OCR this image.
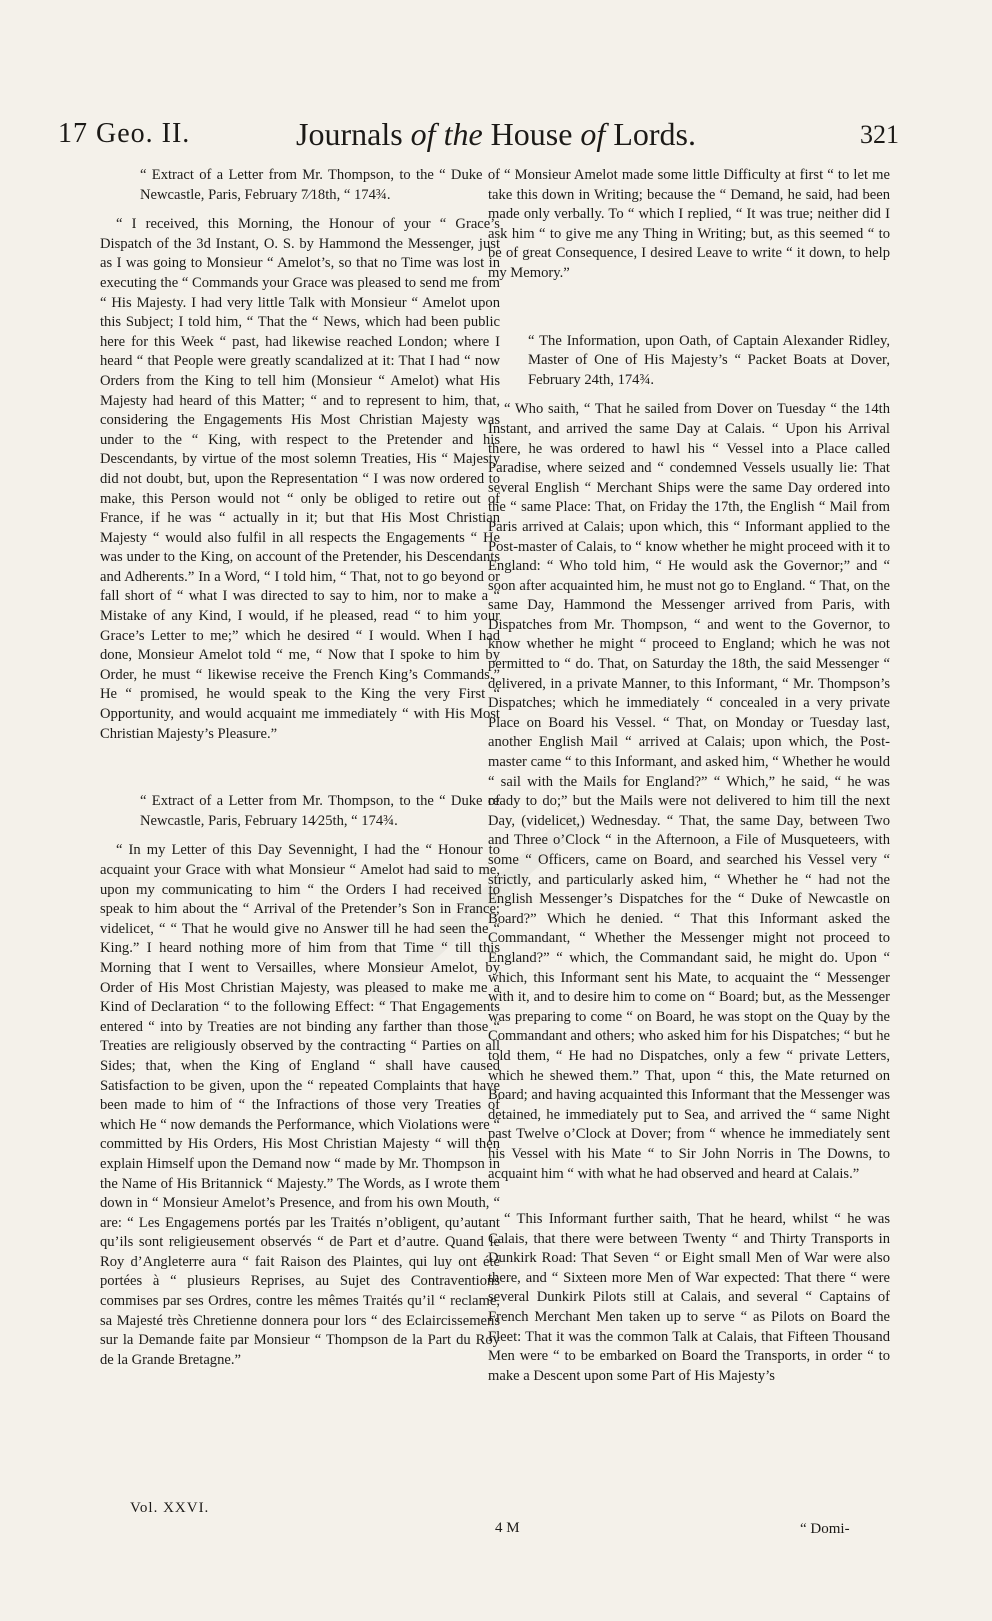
17 Geo. II.	Journals of the House of Lords.	321

“ Extract of a Letter from Mr. Thompson, to the “ Duke of Newcastle, Paris, February 7⁄18th, “ 174¾.

“ I received, this Morning, the Honour of your “ Grace’s Dispatch of the 3d Instant, O. S. by Hammond the Messenger, just as I was going to Monsieur “ Amelot’s, so that no Time was lost in executing the “ Commands your Grace was pleased to send me from “ His Majesty. I had very little Talk with Monsieur “ Amelot upon this Subject; I told him, “ That the “ News, which had been public here for this Week “ past, had likewise reached London; where I heard “ that People were greatly scandalized at it: That I had “ now Orders from the King to tell him (Monsieur “ Amelot) what His Majesty had heard of this Matter; “ and to represent to him, that, considering the Engagements His Most Christian Majesty was under to the “ King, with respect to the Pretender and his Descendants, by virtue of the most solemn Treaties, His “ Majesty did not doubt, but, upon the Representation “ I was now ordered to make, this Person would not “ only be obliged to retire out of France, if he was “ actually in it; but that His Most Christian Majesty “ would also fulfil in all respects the Engagements “ He was under to the King, on account of the Pretender, his Descendants and Adherents.” In a Word, “ I told him, “ That, not to go beyond or fall short of “ what I was directed to say to him, nor to make a “ Mistake of any Kind, I would, if he pleased, read “ to him your Grace’s Letter to me;” which he desired “ I would. When I had done, Monsieur Amelot told “ me, “ Now that I spoke to him by Order, he must “ likewise receive the French King’s Commands.” He “ promised, he would speak to the King the very First “ Opportunity, and would acquaint me immediately “ with His Most Christian Majesty’s Pleasure.”

“ Extract of a Letter from Mr. Thompson, to the “ Duke of Newcastle, Paris, February 14⁄25th, “ 174¾.

“ In my Letter of this Day Sevennight, I had the “ Honour to acquaint your Grace with what Monsieur “ Amelot had said to me, upon my communicating to him “ the Orders I had received to speak to him about the “ Arrival of the Pretender’s Son in France; videlicet, “ “ That he would give no Answer till he had seen the “ King.” I heard nothing more of him from that Time “ till this Morning that I went to Versailles, where Monsieur Amelot, by Order of His Most Christian Majesty, was pleased to make me a Kind of Declaration “ to the following Effect: “ That Engagements entered “ into by Treaties are not binding any farther than those “ Treaties are religiously observed by the contracting “ Parties on all Sides; that, when the King of England “ shall have caused Satisfaction to be given, upon the “ repeated Complaints that have been made to him of “ the Infractions of those very Treaties of which He “ now demands the Performance, which Violations were “ committed by His Orders, His Most Christian Majesty “ will then explain Himself upon the Demand now “ made by Mr. Thompson in the Name of His Britannick “ Majesty.” The Words, as I wrote them down in “ Monsieur Amelot’s Presence, and from his own Mouth, “ are: “ Les Engagemens portés par les Traités n’obligent, qu’autant qu’ils sont religieusement observés “ de Part et d’autre. Quand le Roy d’Angleterre aura “ fait Raison des Plaintes, qui luy ont été portées à “ plusieurs Reprises, au Sujet des Contraventions commises par ses Ordres, contre les mêmes Traités qu’il “ reclame, sa Majesté très Chretienne donnera pour lors “ des Eclaircissemens sur la Demande faite par Monsieur “ Thompson de la Part du Roy de la Grande Bretagne.”

“ Monsieur Amelot made some little Difficulty at first “ to let me take this down in Writing; because the “ Demand, he said, had been made only verbally. To “ which I replied, “ It was true; neither did I ask him “ to give me any Thing in Writing; but, as this seemed “ to be of great Consequence, I desired Leave to write “ it down, to help my Memory.”

“ The Information, upon Oath, of Captain Alexander Ridley, Master of One of His Majesty’s “ Packet Boats at Dover, February 24th, 174¾.

“ Who saith, “ That he sailed from Dover on Tuesday “ the 14th Instant, and arrived the same Day at Calais. “ Upon his Arrival there, he was ordered to hawl his “ Vessel into a Place called Paradise, where seized and “ condemned Vessels usually lie: That several English “ Merchant Ships were the same Day ordered into the “ same Place: That, on Friday the 17th, the English “ Mail from Paris arrived at Calais; upon which, this “ Informant applied to the Post-master of Calais, to “ know whether he might proceed with it to England: “ Who told him, “ He would ask the Governor;” and “ soon after acquainted him, he must not go to England. “ That, on the same Day, Hammond the Messenger arrived from Paris, with Dispatches from Mr. Thompson, “ and went to the Governor, to know whether he might “ proceed to England; which he was not permitted to “ do. That, on Saturday the 18th, the said Messenger “ delivered, in a private Manner, to this Informant, “ Mr. Thompson’s Dispatches; which he immediately “ concealed in a very private Place on Board his Vessel. “ That, on Monday or Tuesday last, another English Mail “ arrived at Calais; upon which, the Post-master came “ to this Informant, and asked him, “ Whether he would “ sail with the Mails for England?” “ Which,” he said, “ he was ready to do;” but the Mails were not delivered to him till the next Day, (videlicet,) Wednesday. “ That, the same Day, between Two and Three o’Clock “ in the Afternoon, a File of Musqueteers, with some “ Officers, came on Board, and searched his Vessel very “ strictly, and particularly asked him, “ Whether he “ had not the English Messenger’s Dispatches for the “ Duke of Newcastle on Board?” Which he denied. “ That this Informant asked the Commandant, “ Whether the Messenger might not proceed to England?” “ which, the Commandant said, he might do. Upon “ which, this Informant sent his Mate, to acquaint the “ Messenger with it, and to desire him to come on “ Board; but, as the Messenger was preparing to come “ on Board, he was stopt on the Quay by the Commandant and others; who asked him for his Dispatches; “ but he told them, “ He had no Dispatches, only a few “ private Letters, which he shewed them.” That, upon “ this, the Mate returned on Board; and having acquainted this Informant that the Messenger was detained, he immediately put to Sea, and arrived the “ same Night past Twelve o’Clock at Dover; from “ whence he immediately sent his Vessel with his Mate “ to Sir John Norris in The Downs, to acquaint him “ with what he had observed and heard at Calais.”

“ This Informant further saith, That he heard, whilst “ he was Calais, that there were between Twenty “ and Thirty Transports in Dunkirk Road: That Seven “ or Eight small Men of War were also there, and “ Sixteen more Men of War expected: That there “ were several Dunkirk Pilots still at Calais, and several “ Captains of French Merchant Men taken up to serve “ as Pilots on Board the Fleet: That it was the common Talk at Calais, that Fifteen Thousand Men were “ to be embarked on Board the Transports, in order “ to make a Descent upon some Part of His Majesty’s

Vol. XXVI.
4 M	“ Domi-
